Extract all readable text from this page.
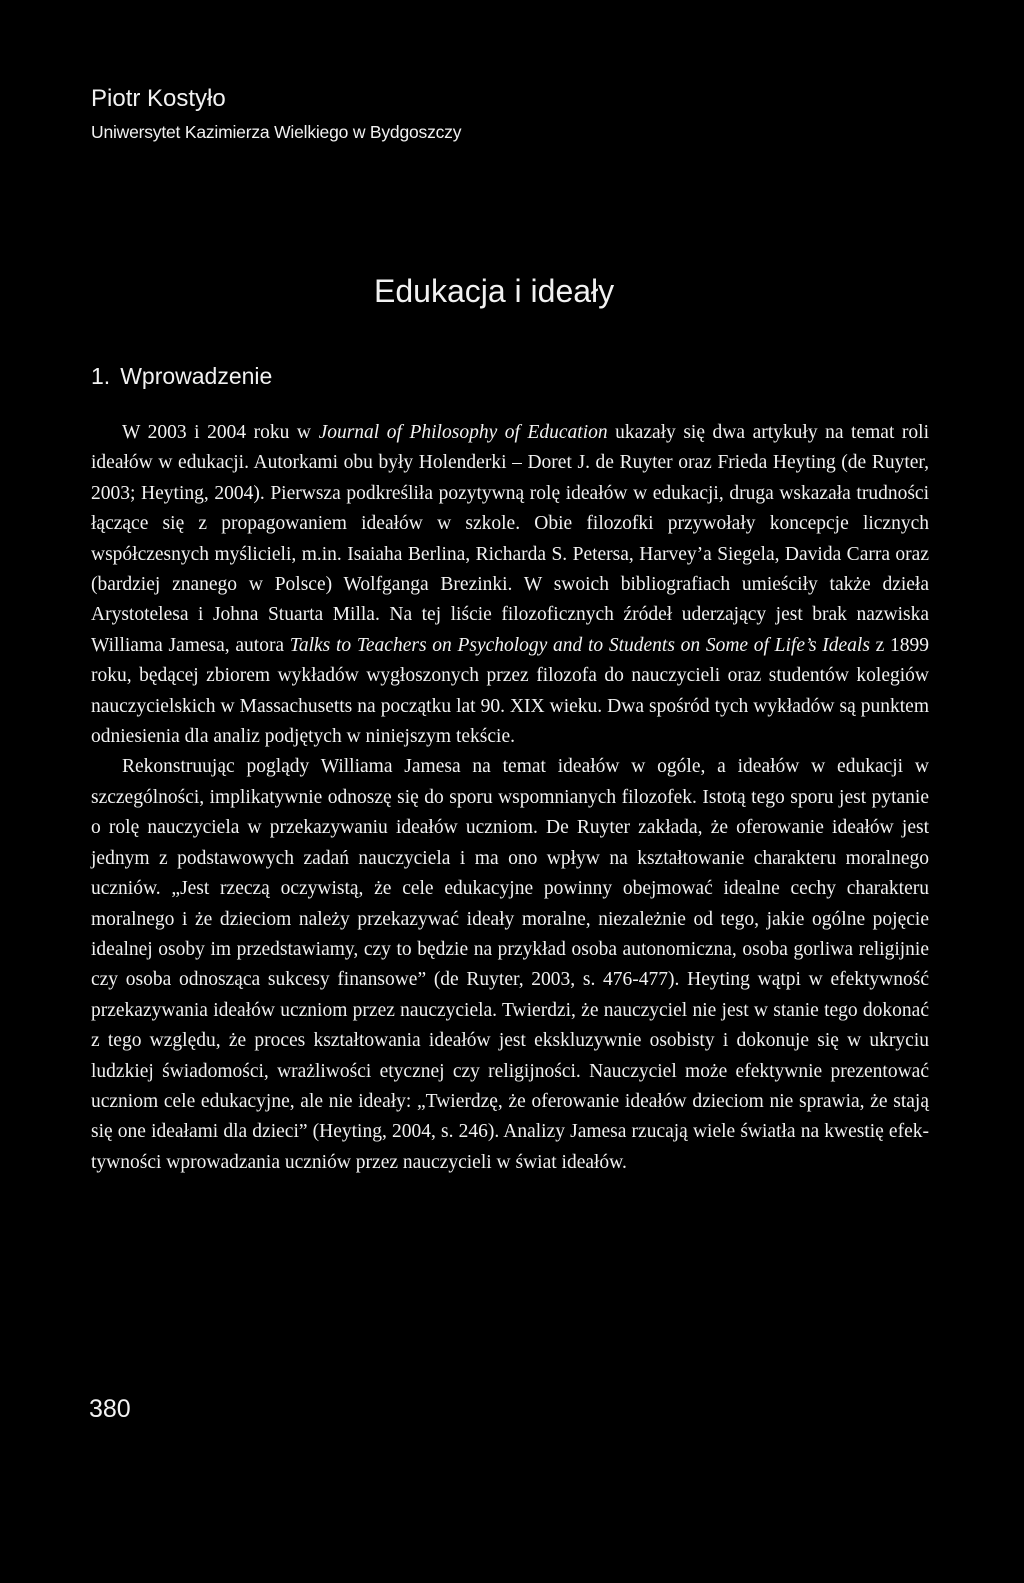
Piotr Kostyło
Uniwersytet Kazimierza Wielkiego w Bydgoszczy
Edukacja i ideały
1. Wprowadzenie

W 2003 i 2004 roku w Journal of Philosophy of Education ukazały się dwa artykuły na temat roli ideałów w edukacji. Autorkami obu były Holenderki – Doret J. de Ruyter oraz Frieda Heyting (de Ruyter, 2003; Heyting, 2004). Pierwsza podkreśliła pozytywną rolę ideałów w edukacji, druga wskazała trudności łączące się z propagowaniem ideałów w szkole. Obie filozofki przywołały koncepcje licznych współczesnych myślicieli, m.in. Isaiaha Berlina, Richarda S. Petersa, Harvey’a Siegela, Davida Carra oraz (bardziej znanego w Polsce) Wolfganga Brezinki. W swoich bibliografiach umieściły także dzieła Arystotelesa i Johna Stuarta Milla. Na tej liście filozoficznych źródeł uderzający jest brak nazwiska Williama Jamesa, autora Talks to Teachers on Psychology and to Students on Some of Life’s Ideals z 1899 roku, będącej zbiorem wykładów wygłoszonych przez filozofa do nauczycieli oraz studentów kolegiów nauczycielskich w Massachusetts na początku lat 90. XIX wieku. Dwa spośród tych wykładów są punktem odniesienia dla analiz podjętych w niniejszym tekście.

Rekonstruując poglądy Williama Jamesa na temat ideałów w ogóle, a ideałów w edukacji w szczególności, implikatywnie odnoszę się do sporu wspomnianych filozofek. Istotą tego sporu jest pytanie o rolę nauczyciela w przekazywaniu ideałów uczniom. De Ruyter zakłada, że oferowanie ideałów jest jednym z podstawowych zadań nauczyciela i ma ono wpływ na kształtowanie charakteru moralnego uczniów. „Jest rzeczą oczywistą, że cele edukacyjne powinny obejmować idealne cechy charakteru moralnego i że dzieciom należy przekazywać ideały moralne, niezależnie od tego, jakie ogólne pojęcie idealnej osoby im przedstawiamy, czy to będzie na przykład osoba autonomiczna, osoba gorliwa religijnie czy osoba odnosząca sukcesy finansowe” (de Ruyter, 2003, s. 476-477). Heyting wątpi w efektywność przekazywania ideałów uczniom przez nauczyciela. Twierdzi, że nauczyciel nie jest w stanie tego dokonać z tego względu, że proces kształtowania ideałów jest ekskluzywnie osobisty i dokonuje się w ukryciu ludzkiej świadomości, wrażliwości etycznej czy religijności. Nauczyciel może efektywnie prezentować uczniom cele edukacyjne, ale nie ideały: „Twierdzę, że oferowanie ideałów dzieciom nie sprawia, że stają się one ideałami dla dzieci” (Heyting, 2004, s. 246). Analizy Jamesa rzucają wiele światła na kwestię efektywności wprowadzania uczniów przez nauczycieli w świat ideałów.

380
